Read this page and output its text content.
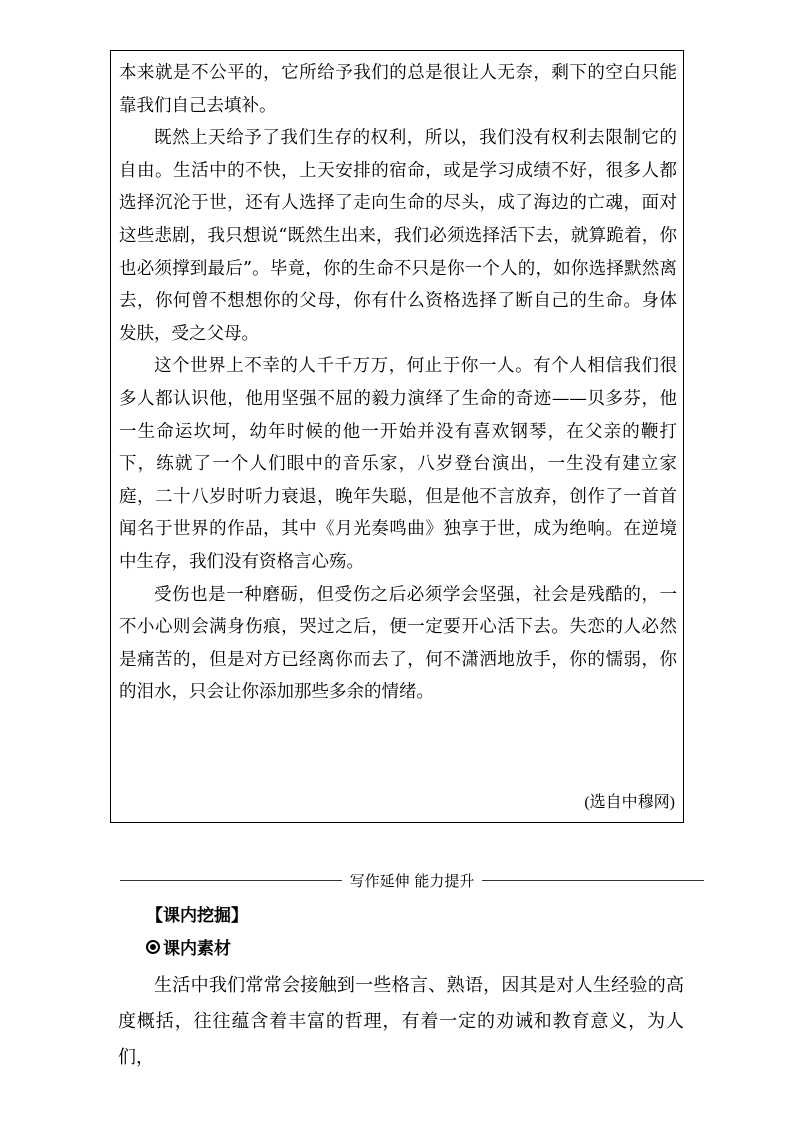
本来就是不公平的，它所给予我们的总是很让人无奈，剩下的空白只能靠我们自己去填补。

既然上天给予了我们生存的权利，所以，我们没有权利去限制它的自由。生活中的不快，上天安排的宿命，或是学习成绩不好，很多人都选择沉沦于世，还有人选择了走向生命的尽头，成了海边的亡魂，面对这些悲剧，我只想说“既然生出来，我们必须选择活下去，就算跪着，你也必须撑到最后”。毕竟，你的生命不只是你一个人的，如你选择默然离去，你何曾不想想你的父母，你有什么资格选择了断自己的生命。身体发肤，受之父母。

这个世界上不幸的人千千万万，何止于你一人。有个人相信我们很多人都认识他，他用坚强不屈的毅力演绎了生命的奇迹——贝多芬，他一生命运坎坷，幼年时候的他一开始并没有喜欢钢琴，在父亲的鞭打下，练就了一个人们眼中的音乐家，八岁登台演出，一生没有建立家庭，二十八岁时听力衰退，晚年失聪，但是他不言放弃，创作了一首首闻名于世界的作品，其中《月光奏鸣曲》独享于世，成为绝响。在逆境中生存，我们没有资格言心殇。

受伤也是一种磨砺，但受伤之后必须学会坚强，社会是残酷的，一不小心则会满身伤痕，哭过之后，便一定要开心活下去。失恋的人必然是痛苦的，但是对方已经离你而去了，何不潇洒地放手，你的懦弱，你的泪水，只会让你添加那些多余的情绪。

(选自中穆网)
写作延伸 能力提升
【课内挖掘】
课内素材

生活中我们常常会接触到一些格言、熟语，因其是对人生经验的高度概括，往往蕴含着丰富的哲理，有着一定的劝诫和教育意义，为人们，
